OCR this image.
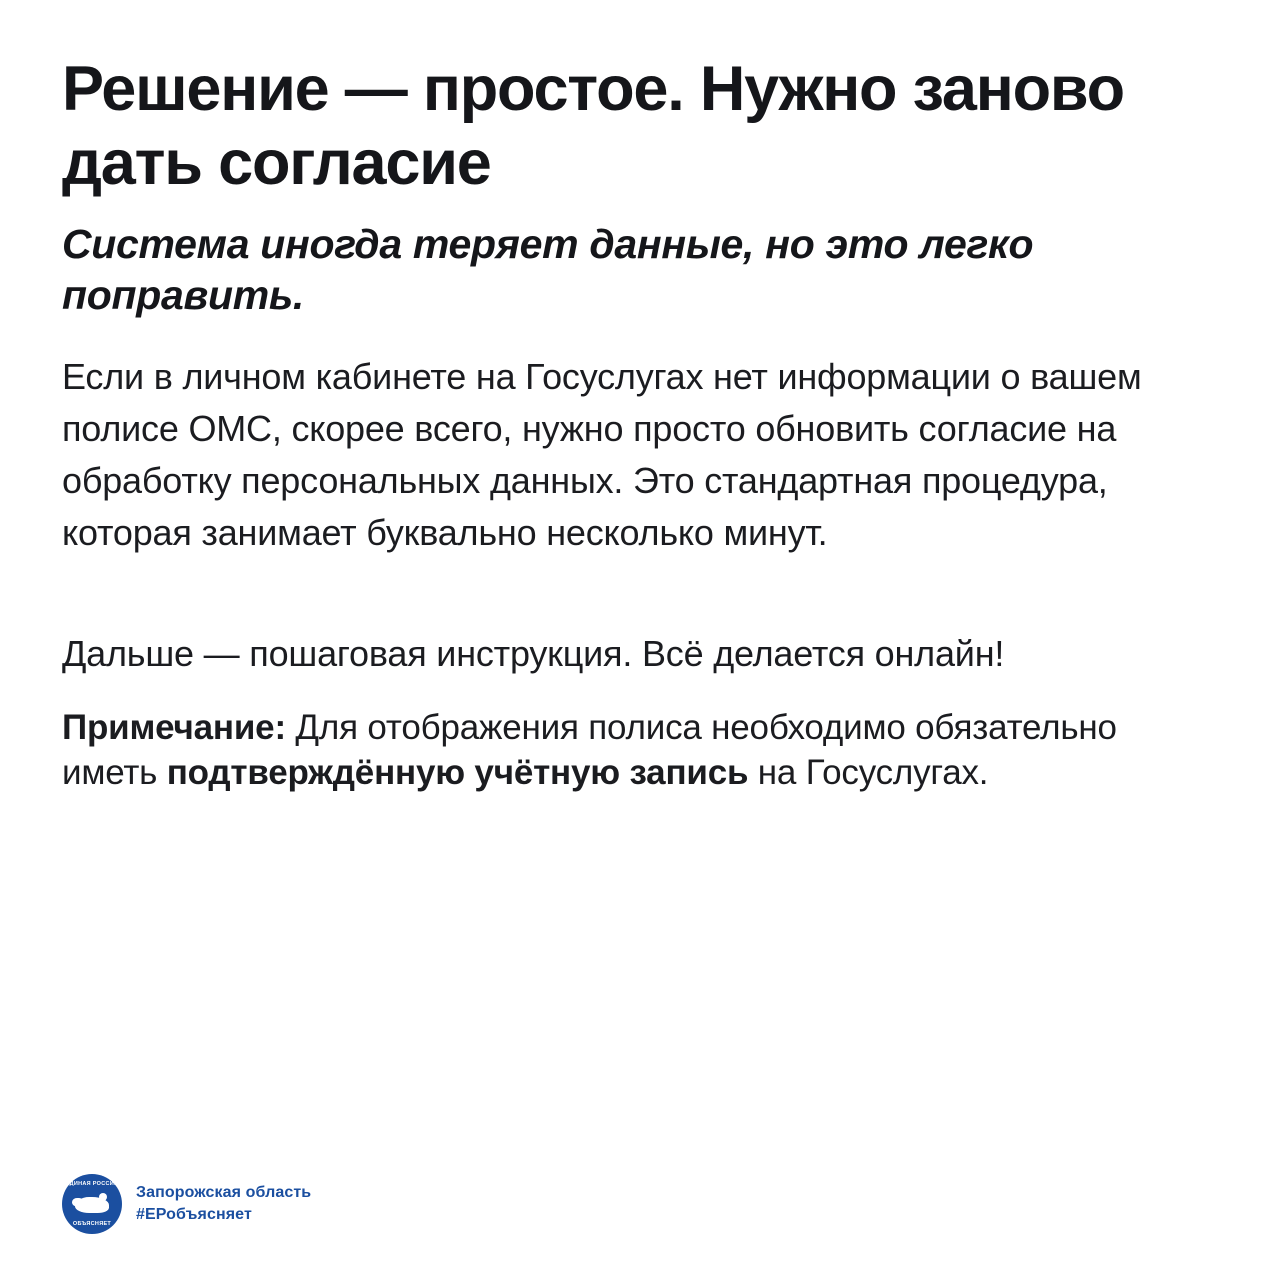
Решение — простое. Нужно заново дать согласие

Система иногда теряет данные, но это легко поправить.

Если в личном кабинете на Госуслугах нет информации о вашем полисе ОМС, скорее всего, нужно просто обновить согласие на обработку персональных данных. Это стандартная процедура, которая занимает буквально несколько минут.

Дальше — пошаговая инструкция. Всё делается онлайн!

Примечание: Для отображения полиса необходимо обязательно иметь подтверждённую учётную запись на Госуслугах.

ЕДИНАЯ РОССИЯ
ОБЪЯСНЯЕТ
Запорожская область
#ЕРобъясняет
